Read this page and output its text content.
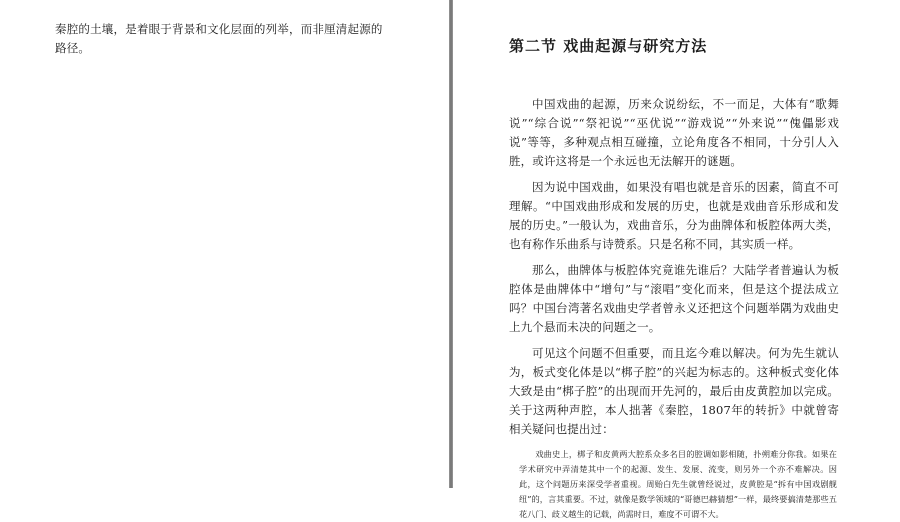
秦腔的土壤，是着眼于背景和文化层面的列举，而非厘清起源的路径。	第二节 戏曲起源与研究方法

中国戏曲的起源，历来众说纷纭，不一而足，大体有“歌舞说”“综合说”“祭祀说”“巫优说”“游戏说”“外来说”“傀儡影戏说”等等，多种观点相互碰撞，立论角度各不相同，十分引人入胜，或许这将是一个永远也无法解开的谜题。

因为说中国戏曲，如果没有唱也就是音乐的因素，简直不可理解。“中国戏曲形成和发展的历史，也就是戏曲音乐形成和发展的历史。”一般认为，戏曲音乐，分为曲牌体和板腔体两大类，也有称作乐曲系与诗赞系。只是名称不同，其实质一样。

那么，曲牌体与板腔体究竟谁先谁后？大陆学者普遍认为板腔体是曲牌体中“增句”与“滚唱”变化而来，但是这个提法成立吗？中国台湾著名戏曲史学者曾永义还把这个问题举隅为戏曲史上九个悬而未决的问题之一。

可见这个问题不但重要，而且迄今难以解决。何为先生就认为，板式变化体是以“梆子腔”的兴起为标志的。这种板式变化体大致是由“梆子腔”的出现而开先河的，最后由皮黄腔加以完成。关于这两种声腔，本人拙著《秦腔，1807年的转折》中就曾寄相关疑问也提出过：

戏曲史上，梆子和皮黄两大腔系众多名目的腔调如影相随，扑朔难分你我。如果在学术研究中弄清楚其中一个的起源、发生、发展、流变，则另外一个亦不难解决。因此，这个问题历来深受学者重视。周贻白先生就曾经说过，皮黄腔是“拆有中国戏剧舰纽”的，言其重要。不过，就像是数学领域的“哥德巴赫猜想”一样，最终要搞清楚那些五花八门、歧义越生的记载，尚需时日，难度不可谓不大。
